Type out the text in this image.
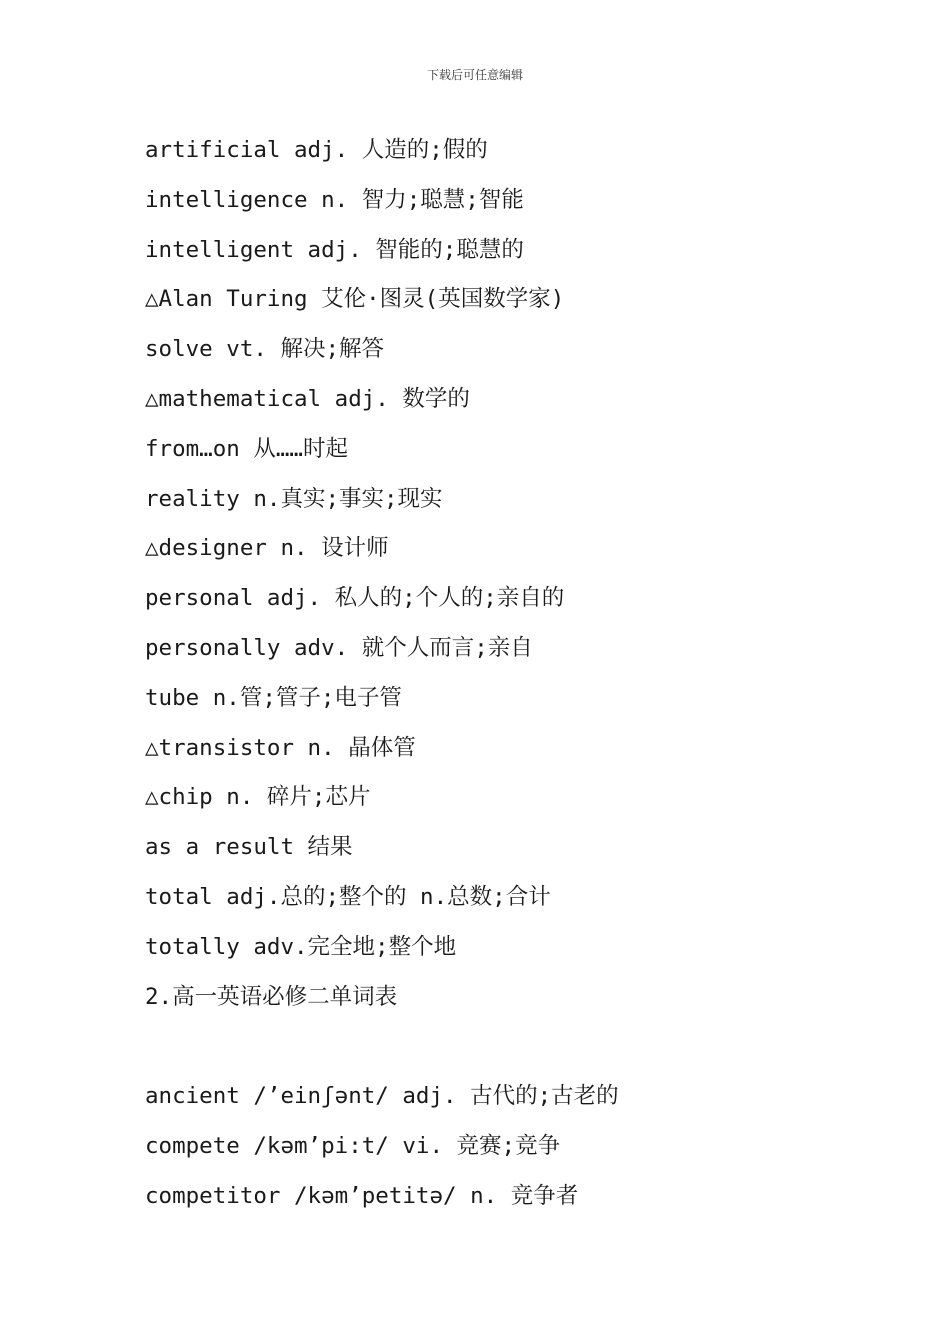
下载后可任意编辑
artificial adj. 人造的;假的
intelligence n. 智力;聪慧;智能
intelligent adj. 智能的;聪慧的
△Alan Turing 艾伦·图灵(英国数学家)
solve vt. 解决;解答
△mathematical adj. 数学的
from…on 从……时起
reality n.真实;事实;现实
△designer n. 设计师
personal adj. 私人的;个人的;亲自的
personally adv. 就个人而言;亲自
tube n.管;管子;电子管
△transistor n. 晶体管
△chip n. 碎片;芯片
as a result 结果
total adj.总的;整个的 n.总数;合计
totally adv.完全地;整个地
2.高一英语必修二单词表
ancient /’einʃənt/ adj. 古代的;古老的
compete /kəm’pi:t/ vi. 竞赛;竞争
competitor /kəm’petitə/ n. 竞争者
